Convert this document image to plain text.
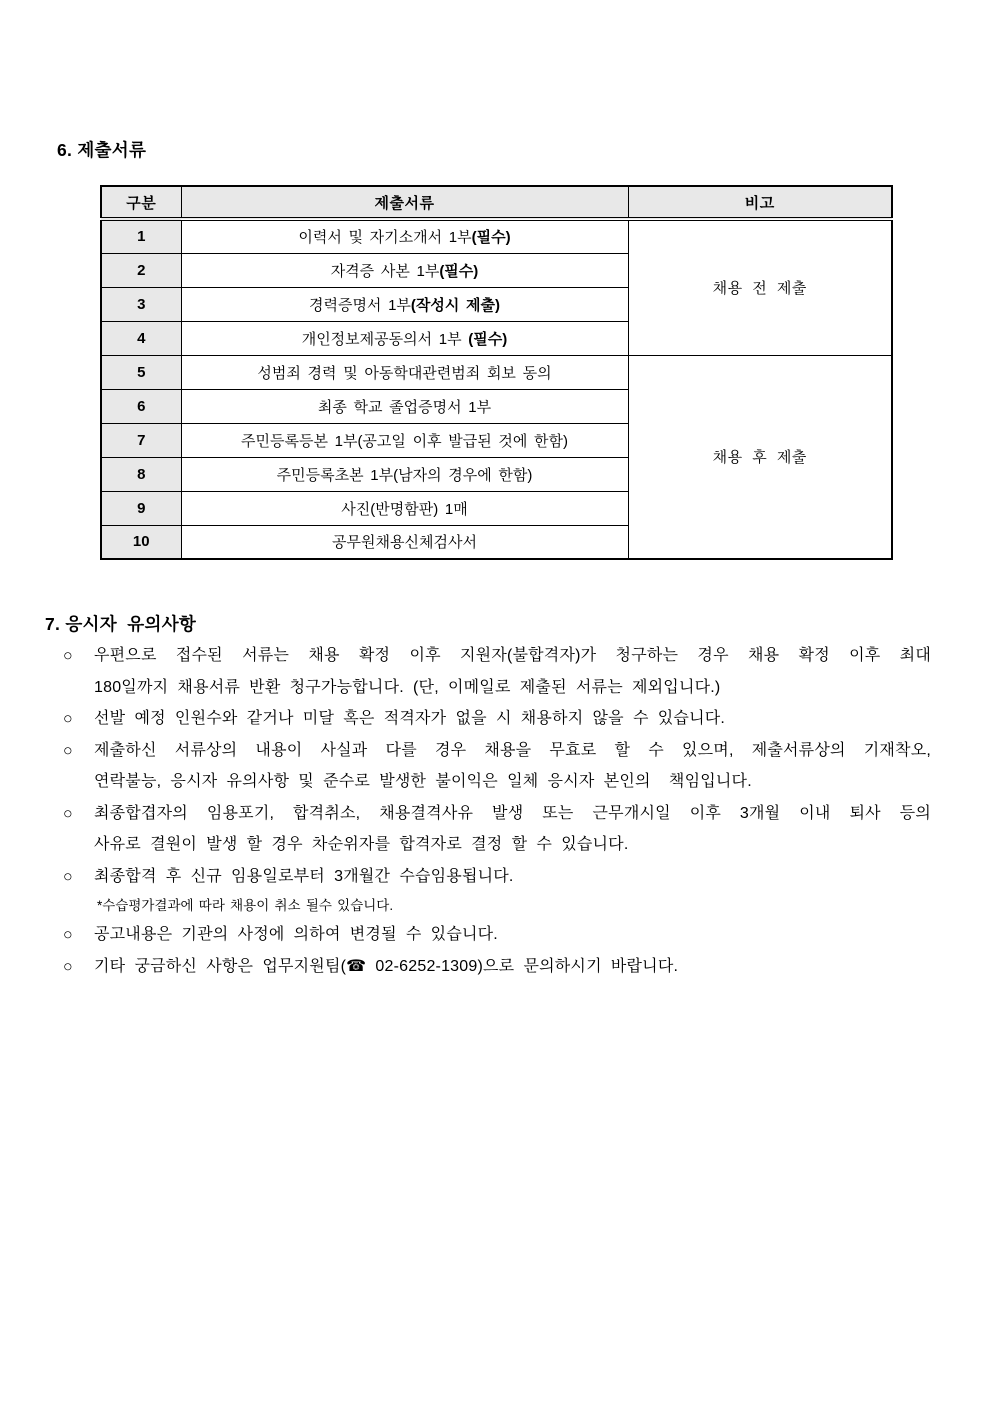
6. 제출서류
구분	제출서류	비고
1	이력서 및 자기소개서 1부(필수)	채용 전 제출
2	자격증 사본 1부(필수)	
3	경력증명서 1부(작성시 제출)	
4	개인정보제공동의서 1부 (필수)	
5	성범죄 경력 및 아동학대관련범죄 회보 동의	채용 후 제출
6	최종 학교 졸업증명서 1부	
7	주민등록등본 1부(공고일 이후 발급된 것에 한함)	
8	주민등록초본 1부(남자의 경우에 한함)	
9	사진(반명함판) 1매	
10	공무원채용신체검사서	
7. 응시자  유의사항
○	우편으로 접수된 서류는 채용 확정 이후 지원자(불합격자)가 청구하는 경우 채용 확정 이후 최대
180일까지 채용서류 반환 청구가능합니다. (단, 이메일로 제출된 서류는 제외입니다.)
○	선발 예정 인원수와 같거나 미달 혹은 적격자가 없을 시 채용하지 않을 수 있습니다.
○	제출하신 서류상의 내용이 사실과 다를 경우 채용을 무효로 할 수 있으며, 제출서류상의 기재착오,
연락불능, 응시자 유의사항 및 준수로 발생한 불이익은 일체 응시자 본인의  책임입니다.
○	최종합겹자의 임용포기, 합격취소, 채용결격사유 발생 또는 근무개시일 이후 3개월 이내 퇴사 등의
사유로 결원이 발생 할 경우 차순위자를 합격자로 결정 할 수 있습니다.
○	최종합격 후 신규 임용일로부터 3개월간 수습임용됩니다.
*수습평가결과에 따라 채용이 취소 될수 있습니다.
○	공고내용은 기관의 사정에 의하여 변경될 수 있습니다.
○	기타 궁금하신 사항은 업무지원팀(☎ 02-6252-1309)으로 문의하시기 바랍니다.
